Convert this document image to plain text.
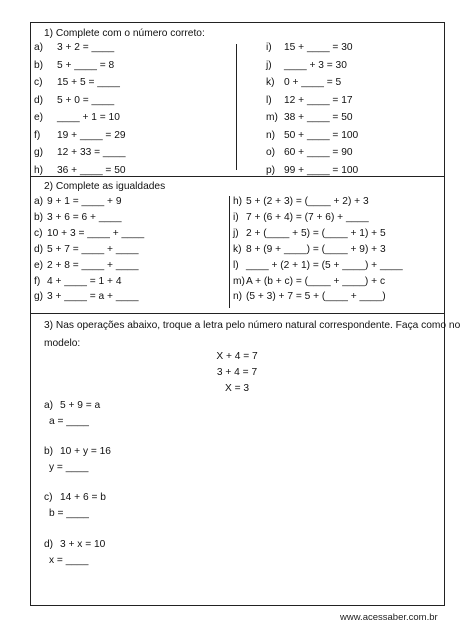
1) Complete com o número correto:
a) 3 + 2 = ____
b) 5 + ____ = 8
c) 15 + 5 = ____
d) 5 + 0 = ____
e) ____ + 1 = 10
f) 19 + ____ = 29
g) 12 + 33 = ____
h) 36 + ____ = 50
i) 15 + ____ = 30
j) ____ + 3 = 30
k) 0 + ____ = 5
l) 12 + ____ = 17
m) 38 + ____ = 50
n) 50 + ____ = 100
o) 60 + ____ = 90
p) 99 + ____ = 100
2) Complete as igualdades
a) 9 + 1 = ____ + 9
b) 3 + 6 = 6 + ____
c) 10 + 3 = ____ + ____
d) 5 + 7 = ____ + ____
e) 2 + 8 = ____ + ____
f) 4 + ____ = 1 + 4
g) 3 + ____ = a + ____
h) 5 + (2 + 3) = (____ + 2) + 3
i) 7 + (6 + 4) = (7 + 6) + ____
j) 2 + (____ + 5) = (____ + 1) + 5
k) 8 + (9 + ____) = (____ + 9) + 3
l) ____ + (2 + 1) = (5 + ____) + ____
m) A + (b + c) = (____ + ____) + c
n) (5 + 3) + 7 = 5 + (____ + ____)
3) Nas operações abaixo, troque a letra pelo número natural correspondente. Faça como no
modelo:
X + 4 = 7
3 + 4 = 7
X = 3
a) 5 + 9 = a
a = ____
b) 10 + y = 16
y = ____
c) 14 + 6 = b
b = ____
d) 3 + x = 10
x = ____
www.acessaber.com.br
